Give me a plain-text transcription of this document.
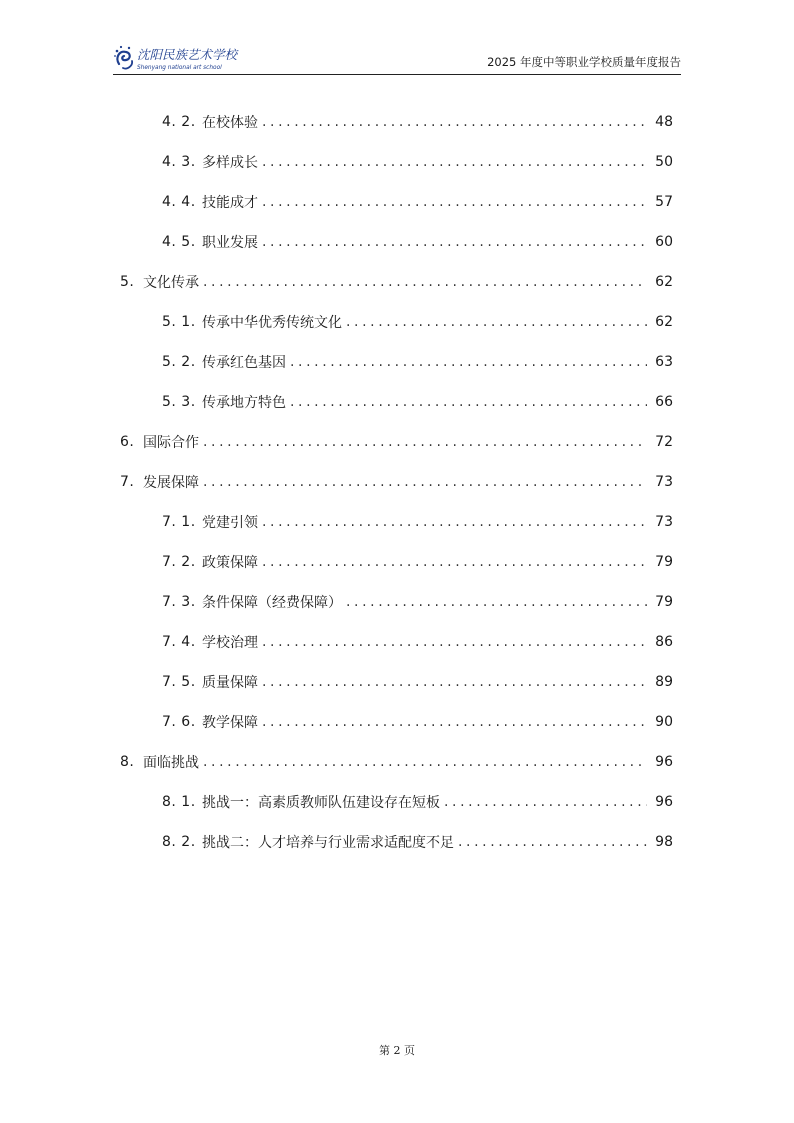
沈阳民族艺术学校
Shenyang national art school	2025 年度中等职业学校质量年度报告
4. 2. 在校体验 .....	48
4. 3. 多样成长 .....	50
4. 4. 技能成才 .....	57
4. 5. 职业发展 .....	60
5. 文化传承 .....	62
5. 1. 传承中华优秀传统文化 .....	62
5. 2. 传承红色基因 .....	63
5. 3. 传承地方特色 .....	66
6. 国际合作 .....	72
7. 发展保障 .....	73
7. 1. 党建引领 .....	73
7. 2. 政策保障 .....	79
7. 3. 条件保障（经费保障） .....	79
7. 4. 学校治理 .....	86
7. 5. 质量保障 .....	89
7. 6. 教学保障 .....	90
8. 面临挑战 .....	96
8. 1. 挑战一：高素质教师队伍建设存在短板 .....	96
8. 2. 挑战二：人才培养与行业需求适配度不足 .....	98
第 2 页
